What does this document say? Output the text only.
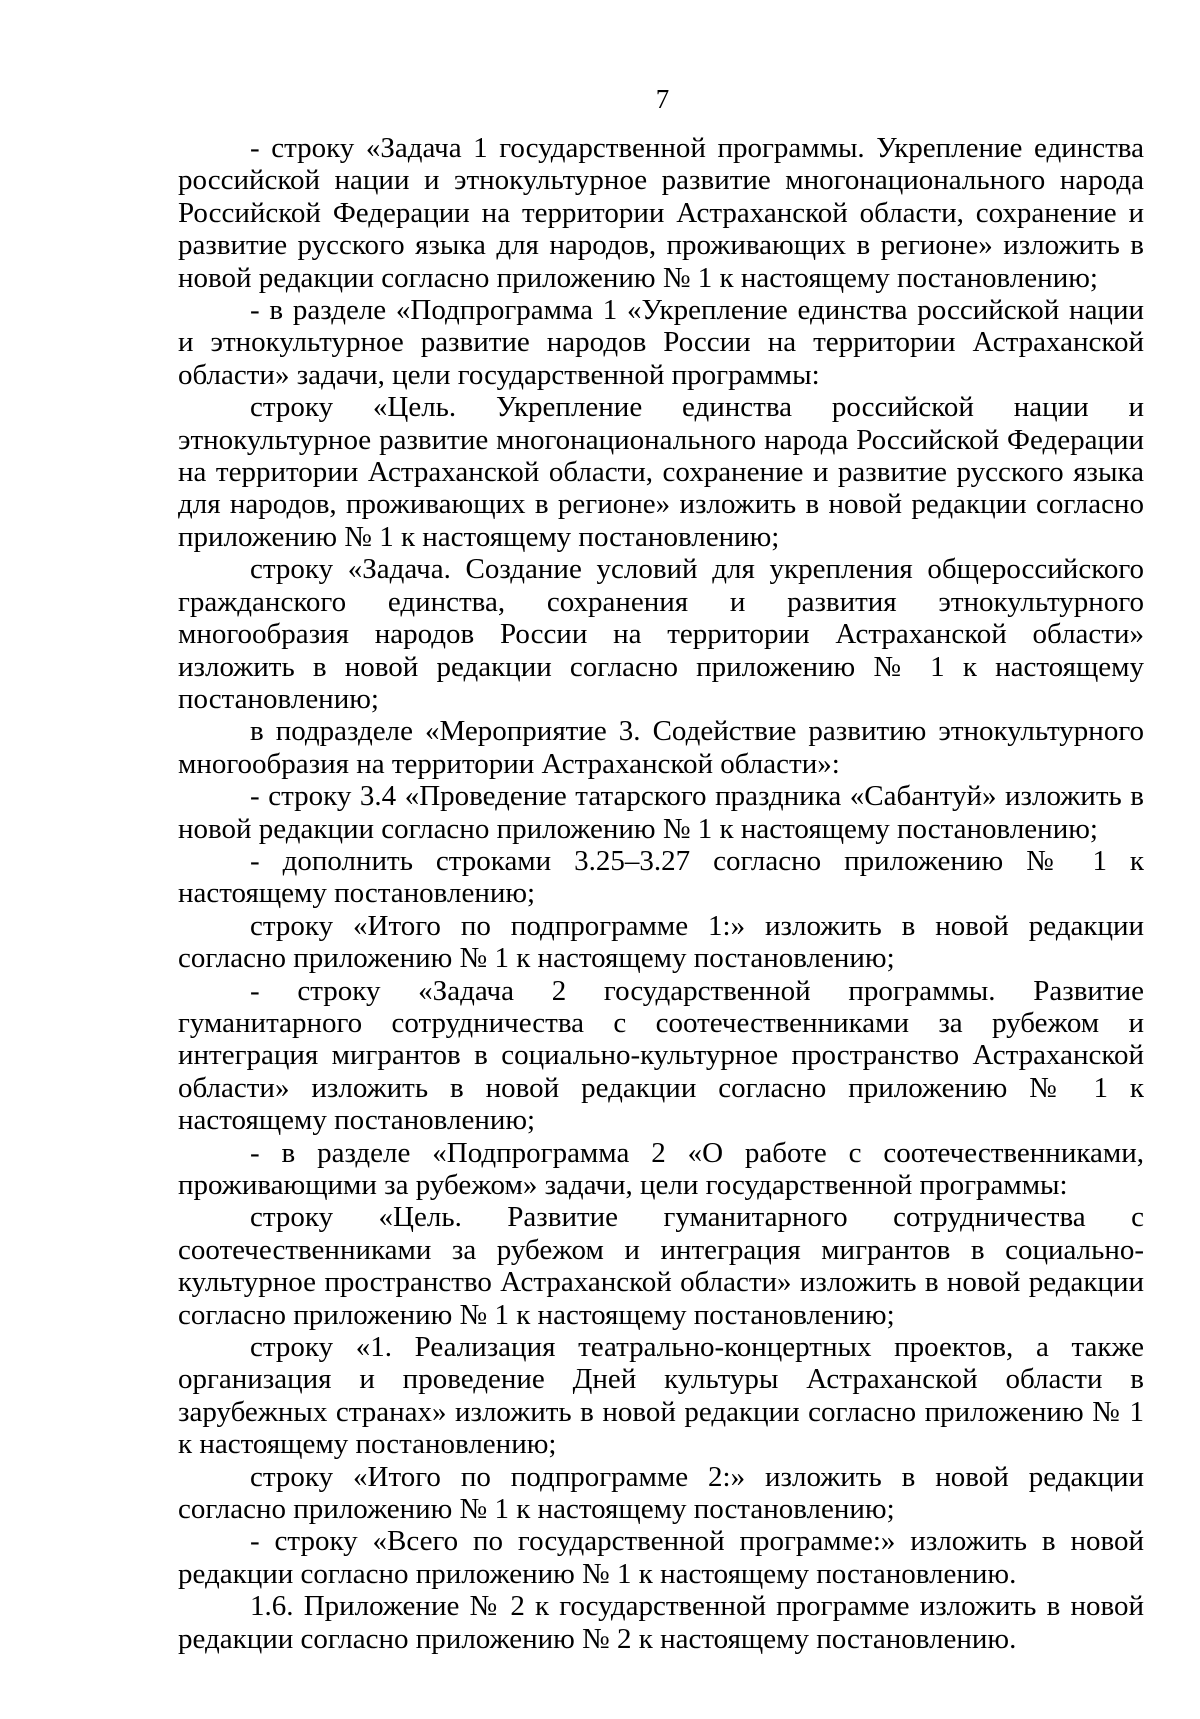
7

- строку «Задача 1 государственной программы. Укрепление единства российской нации и этнокультурное развитие многонационального народа Российской Федерации на территории Астраханской области, сохранение и развитие русского языка для народов, проживающих в регионе» изложить в новой редакции согласно приложению № 1 к настоящему постановлению;

- в разделе «Подпрограмма 1 «Укрепление единства российской нации и этнокультурное развитие народов России на территории Астраханской области» задачи, цели государственной программы:

строку «Цель. Укрепление единства российской нации и этнокультурное развитие многонационального народа Российской Федерации на территории Астраханской области, сохранение и развитие русского языка для народов, проживающих в регионе» изложить в новой редакции согласно приложению № 1 к настоящему постановлению;

строку «Задача. Создание условий для укрепления общероссийского гражданского единства, сохранения и развития этнокультурного многообразия народов России на территории Астраханской области» изложить в новой редакции согласно приложению № 1 к настоящему постановлению;

в подразделе «Мероприятие 3. Содействие развитию этнокультурного многообразия на территории Астраханской области»:

- строку 3.4 «Проведение татарского праздника «Сабантуй» изложить в новой редакции согласно приложению № 1 к настоящему постановлению;

- дополнить строками 3.25–3.27 согласно приложению № 1 к настоящему постановлению;

строку «Итого по подпрограмме 1:» изложить в новой редакции согласно приложению № 1 к настоящему постановлению;

- строку «Задача 2 государственной программы. Развитие гуманитарного сотрудничества с соотечественниками за рубежом и интеграция мигрантов в социально-культурное пространство Астраханской области» изложить в новой редакции согласно приложению № 1 к настоящему постановлению;

- в разделе «Подпрограмма 2 «О работе с соотечественниками, проживающими за рубежом» задачи, цели государственной программы:

строку «Цель. Развитие гуманитарного сотрудничества с соотечественниками за рубежом и интеграция мигрантов в социально-культурное пространство Астраханской области» изложить в новой редакции согласно приложению № 1 к настоящему постановлению;

строку «1. Реализация театрально-концертных проектов, а также организация и проведение Дней культуры Астраханской области в зарубежных странах» изложить в новой редакции согласно приложению № 1 к настоящему постановлению;

строку «Итого по подпрограмме 2:» изложить в новой редакции согласно приложению № 1 к настоящему постановлению;

- строку «Всего по государственной программе:» изложить в новой редакции согласно приложению № 1 к настоящему постановлению.

1.6. Приложение № 2 к государственной программе изложить в новой редакции согласно приложению № 2 к настоящему постановлению.
